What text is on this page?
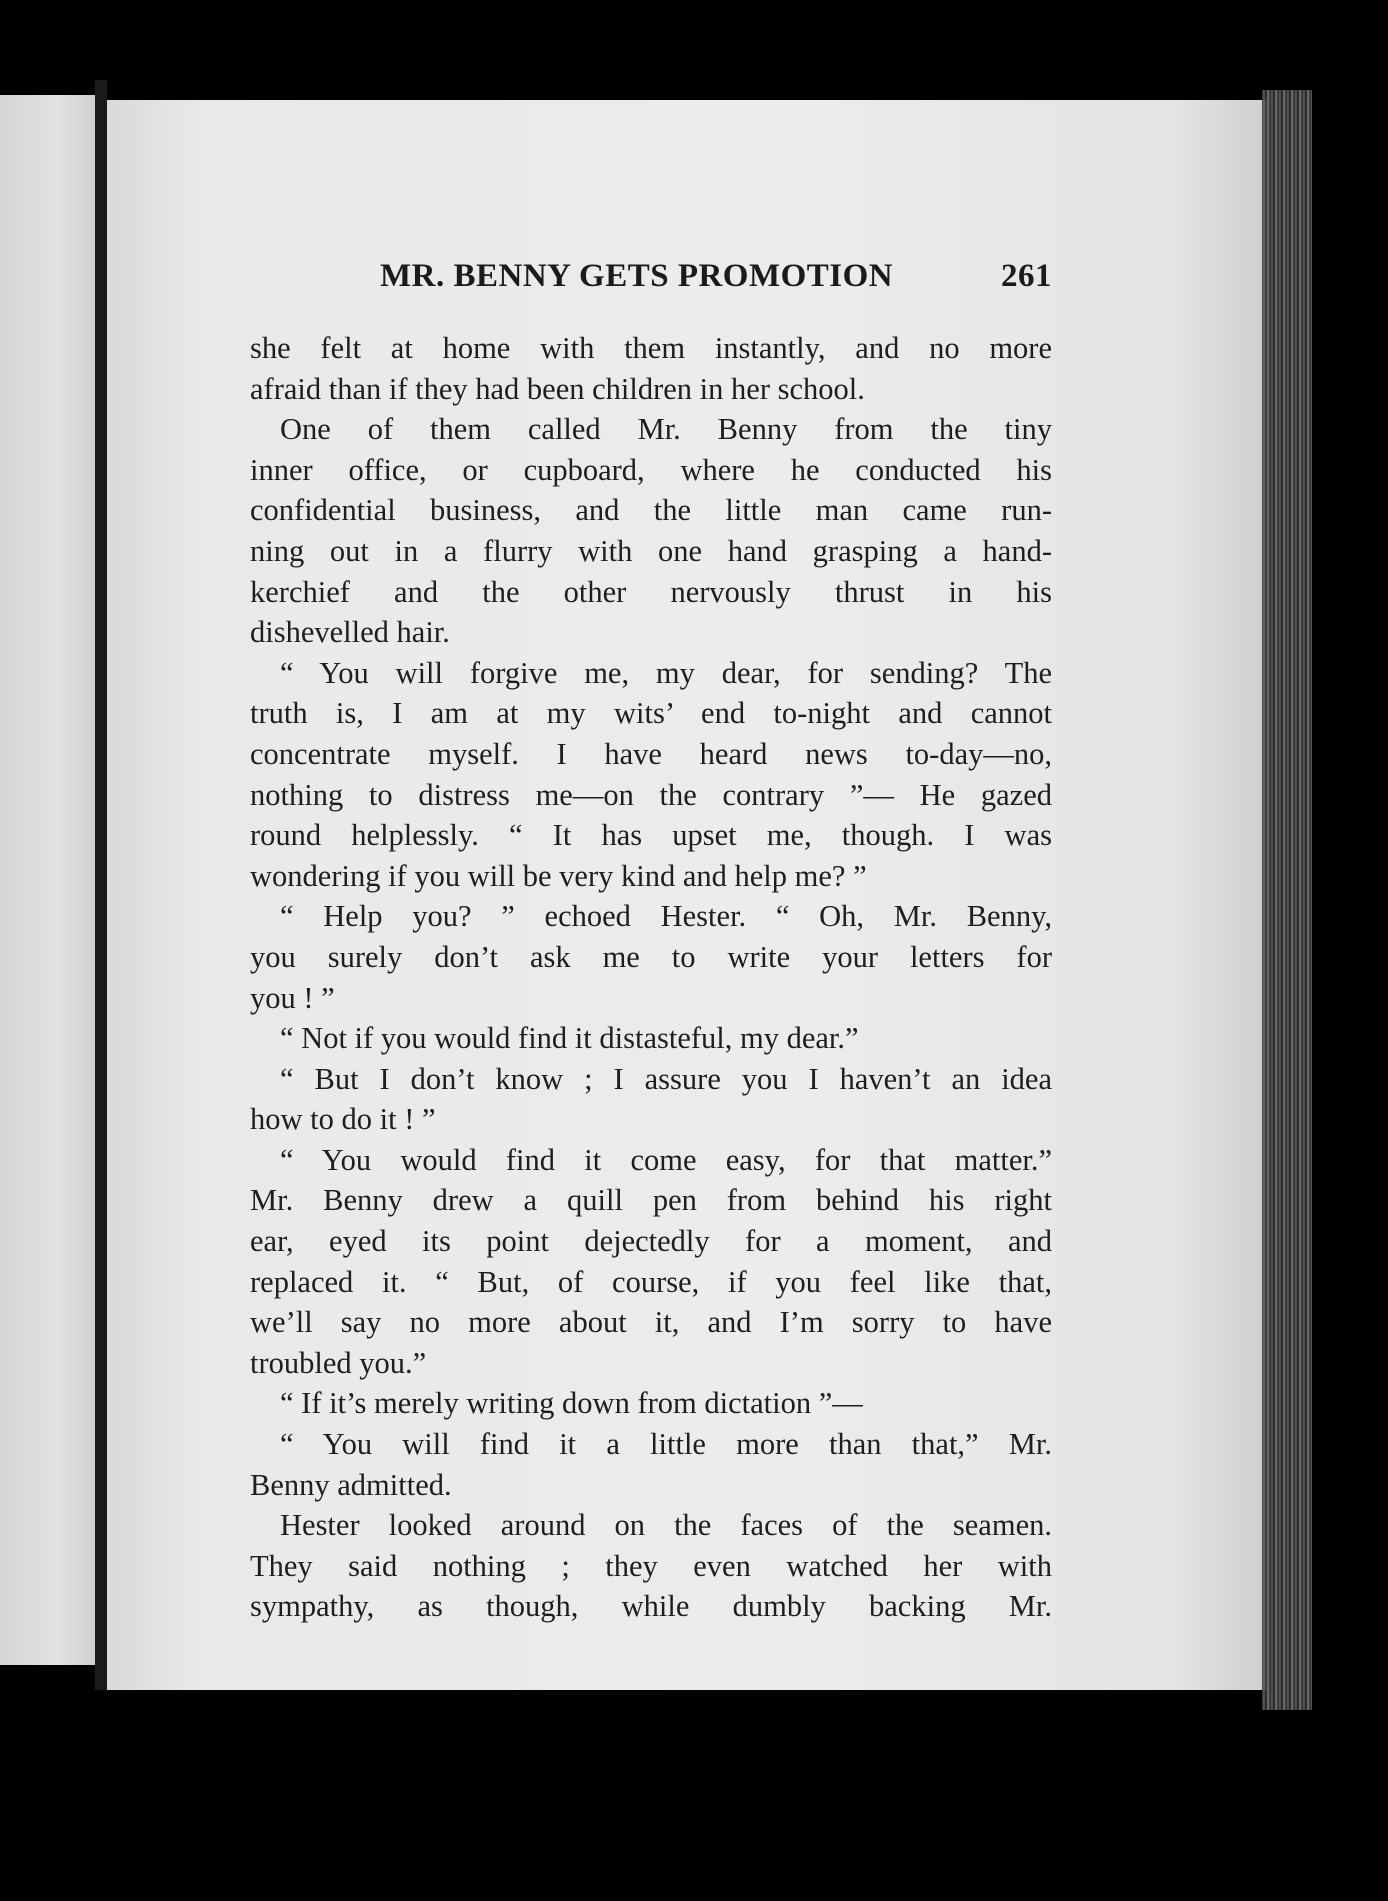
MR. BENNY GETS PROMOTION	261
she felt at home with them instantly, and no more
afraid than if they had been children in her school.
One of them called Mr. Benny from the tiny
inner office, or cupboard, where he conducted his
confidential business, and the little man came run-
ning out in a flurry with one hand grasping a hand-
kerchief and the other nervously thrust in his
dishevelled hair.
“ You will forgive me, my dear, for sending? The
truth is, I am at my wits’ end to-night and cannot
concentrate myself. I have heard news to-day—no,
nothing to distress me—on the contrary ”— He gazed
round helplessly. “ It has upset me, though. I was
wondering if you will be very kind and help me? ”
“ Help you? ” echoed Hester. “ Oh, Mr. Benny,
you surely don’t ask me to write your letters for
you ! ”
“ Not if you would find it distasteful, my dear.”
“ But I don’t know ; I assure you I haven’t an idea
how to do it ! ”
“ You would find it come easy, for that matter.”
Mr. Benny drew a quill pen from behind his right
ear, eyed its point dejectedly for a moment, and
replaced it. “ But, of course, if you feel like that,
we’ll say no more about it, and I’m sorry to have
troubled you.”
“ If it’s merely writing down from dictation ”—
“ You will find it a little more than that,” Mr.
Benny admitted.
Hester looked around on the faces of the seamen.
They said nothing ; they even watched her with
sympathy, as though, while dumbly backing Mr.
